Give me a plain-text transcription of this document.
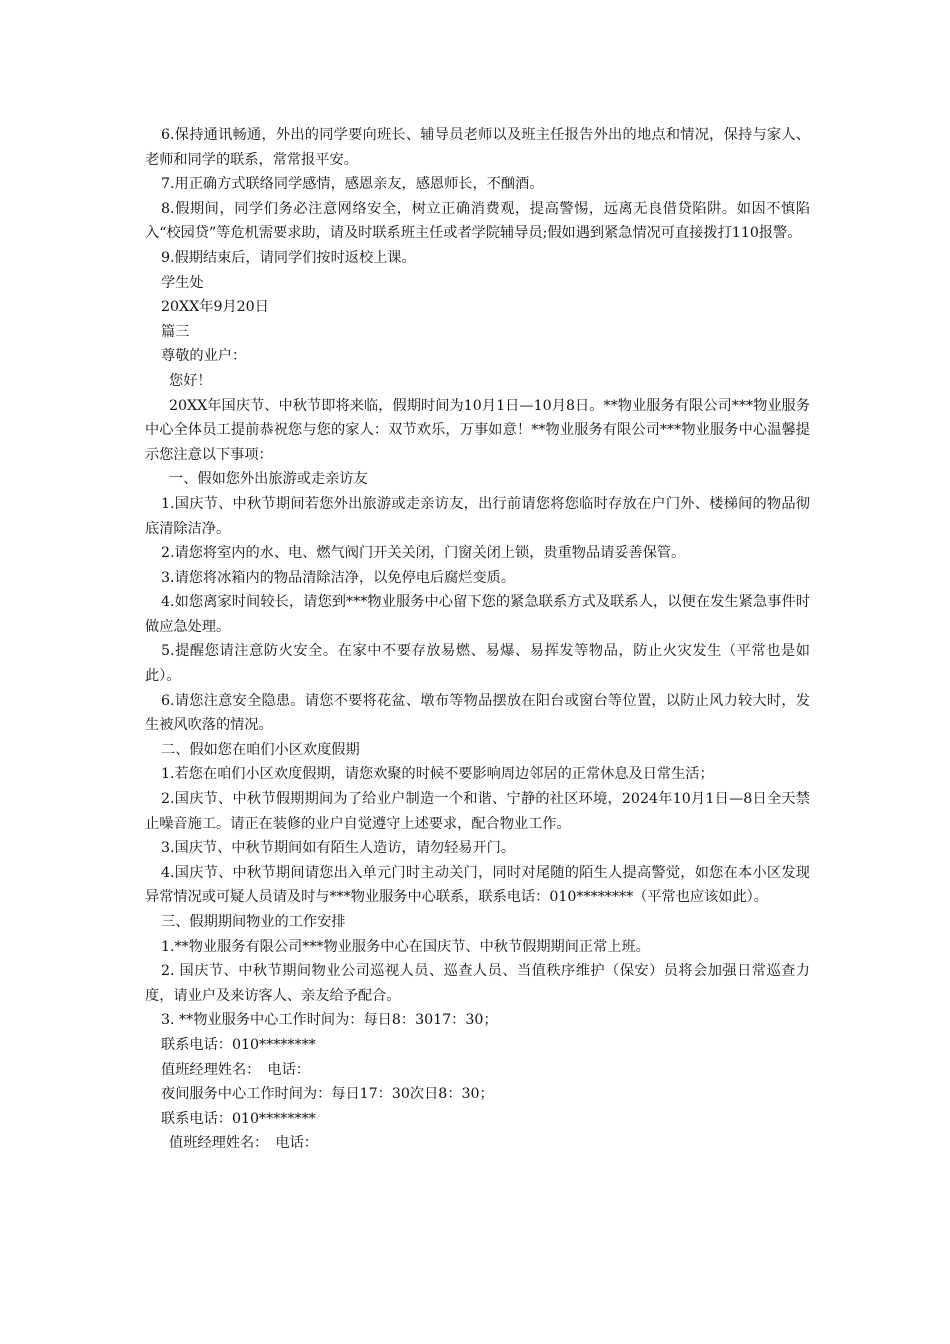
6.保持通讯畅通，外出的同学要向班长、辅导员老师以及班主任报告外出的地点和情况，保持与家人、老师和同学的联系，常常报平安。

7.用正确方式联络同学感情，感恩亲友，感恩师长，不酗酒。

8.假期间，同学们务必注意网络安全，树立正确消费观，提高警惕，远离无良借贷陷阱。如因不慎陷入“校园贷”等危机需要求助，请及时联系班主任或者学院辅导员;假如遇到紧急情况可直接拨打110报警。

9.假期结束后，请同学们按时返校上课。

学生处

20XX年9月20日

篇三

尊敬的业户：

您好！

20XX年国庆节、中秋节即将来临，假期时间为10月1日—10月8日。**物业服务有限公司***物业服务中心全体员工提前恭祝您与您的家人：双节欢乐，万事如意！**物业服务有限公司***物业服务中心温馨提示您注意以下事项：

一、假如您外出旅游或走亲访友

1.国庆节、中秋节期间若您外出旅游或走亲访友，出行前请您将您临时存放在户门外、楼梯间的物品彻底清除洁净。

2.请您将室内的水、电、燃气阀门开关关闭，门窗关闭上锁，贵重物品请妥善保管。

3.请您将冰箱内的物品清除洁净，以免停电后腐烂变质。

4.如您离家时间较长，请您到***物业服务中心留下您的紧急联系方式及联系人，以便在发生紧急事件时做应急处理。

5.提醒您请注意防火安全。在家中不要存放易燃、易爆、易挥发等物品，防止火灾发生（平常也是如此）。

6.请您注意安全隐患。请您不要将花盆、墩布等物品摆放在阳台或窗台等位置，以防止风力较大时，发生被风吹落的情况。

二、假如您在咱们小区欢度假期

1.若您在咱们小区欢度假期，请您欢聚的时候不要影响周边邻居的正常休息及日常生活；

2.国庆节、中秋节假期期间为了给业户制造一个和谐、宁静的社区环境，2024年10月1日—8日全天禁止噪音施工。请正在装修的业户自觉遵守上述要求，配合物业工作。

3.国庆节、中秋节期间如有陌生人造访，请勿轻易开门。

4.国庆节、中秋节期间请您出入单元门时主动关门，同时对尾随的陌生人提高警觉，如您在本小区发现异常情况或可疑人员请及时与***物业服务中心联系，联系电话：010********（平常也应该如此）。

三、假期期间物业的工作安排

1.**物业服务有限公司***物业服务中心在国庆节、中秋节假期期间正常上班。

2. 国庆节、中秋节期间物业公司巡视人员、巡查人员、当值秩序维护（保安）员将会加强日常巡查力度，请业户及来访客人、亲友给予配合。

3. **物业服务中心工作时间为：每日8：3017：30；

联系电话：010********

值班经理姓名：　电话：

夜间服务中心工作时间为：每日17：30次日8：30；

联系电话：010********

值班经理姓名：　电话：
